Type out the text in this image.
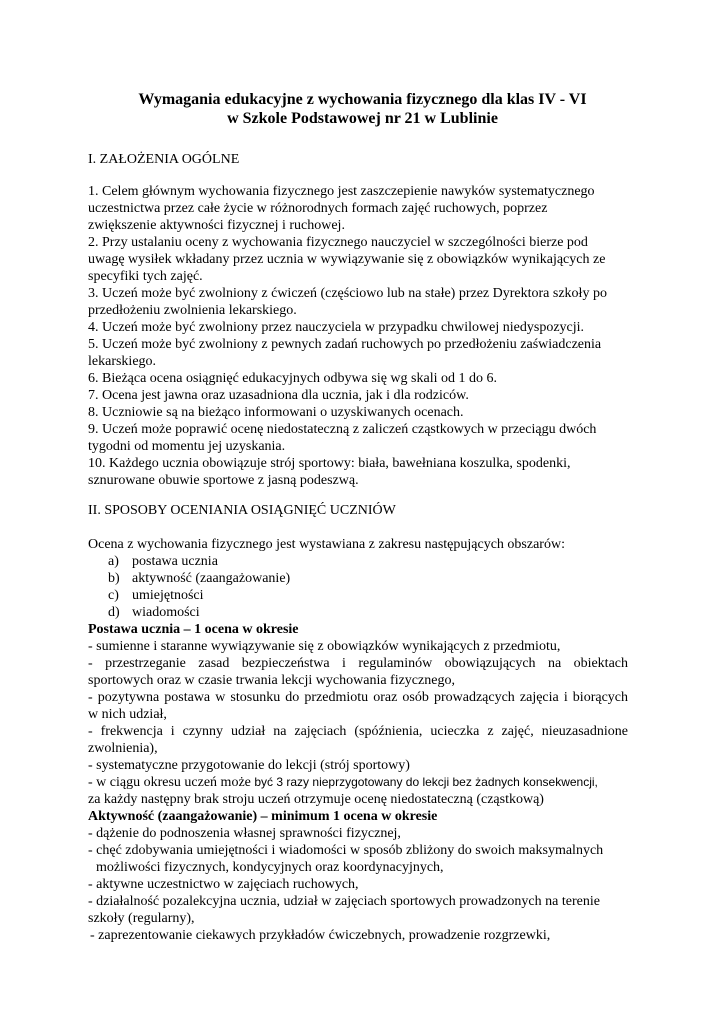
Wymagania edukacyjne z wychowania fizycznego dla klas IV - VI
w Szkole Podstawowej nr 21 w Lublinie
I. ZAŁOŻENIA OGÓLNE

1. Celem głównym wychowania fizycznego jest zaszczepienie nawyków systematycznego

uczestnictwa przez całe życie w różnorodnych formach zajęć ruchowych, poprzez

zwiększenie aktywności fizycznej i ruchowej.

2. Przy ustalaniu oceny z wychowania fizycznego nauczyciel w szczególności bierze pod

uwagę wysiłek wkładany przez ucznia w wywiązywanie się z obowiązków wynikających ze

specyfiki tych zajęć.

3. Uczeń może być zwolniony z ćwiczeń (częściowo lub na stałe) przez Dyrektora szkoły po

przedłożeniu zwolnienia lekarskiego.

4. Uczeń może być zwolniony przez nauczyciela w przypadku chwilowej niedyspozycji.

5. Uczeń może być zwolniony z pewnych zadań ruchowych po przedłożeniu zaświadczenia

lekarskiego.

6. Bieżąca ocena osiągnięć edukacyjnych odbywa się wg skali od 1 do 6.

7. Ocena jest jawna oraz uzasadniona dla ucznia, jak i dla rodziców.

8. Uczniowie są na bieżąco informowani o uzyskiwanych ocenach.

9. Uczeń może poprawić ocenę niedostateczną z zaliczeń cząstkowych w przeciągu dwóch

tygodni od momentu jej uzyskania.

10. Każdego ucznia obowiązuje strój sportowy: biała, bawełniana koszulka, spodenki,

sznurowane obuwie sportowe z jasną podeszwą.

II. SPOSOBY OCENIANIA OSIĄGNIĘĆ UCZNIÓW

Ocena z wychowania fizycznego jest wystawiana z zakresu następujących obszarów:

a) postawa ucznia
b) aktywność (zaangażowanie)
c) umiejętności
d) wiadomości

Postawa ucznia – 1 ocena w okresie

- sumienne i staranne wywiązywanie się z obowiązków wynikających z przedmiotu,

- przestrzeganie zasad bezpieczeństwa i regulaminów obowiązujących na obiektach

sportowych oraz w czasie trwania lekcji wychowania fizycznego,

- pozytywna postawa w stosunku do przedmiotu oraz osób prowadzących zajęcia i biorących

w nich udział,

- frekwencja i czynny udział na zajęciach (spóźnienia, ucieczka z zajęć, nieuzasadnione

zwolnienia),

- systematyczne przygotowanie do lekcji (strój sportowy)

- w ciągu okresu uczeń może być 3 razy nieprzygotowany do lekcji bez żadnych konsekwencji,

za każdy następny brak stroju uczeń otrzymuje ocenę niedostateczną (cząstkową)

Aktywność (zaangażowanie) – minimum 1 ocena w okresie

- dążenie do podnoszenia własnej sprawności fizycznej,

- chęć zdobywania umiejętności i wiadomości w sposób zbliżony do swoich maksymalnych

możliwości fizycznych, kondycyjnych oraz koordynacyjnych,

- aktywne uczestnictwo w zajęciach ruchowych,

- działalność pozalekcyjna ucznia, udział w zajęciach sportowych prowadzonych na terenie

szkoły (regularny),

- zaprezentowanie ciekawych przykładów ćwiczebnych, prowadzenie rozgrzewki,
